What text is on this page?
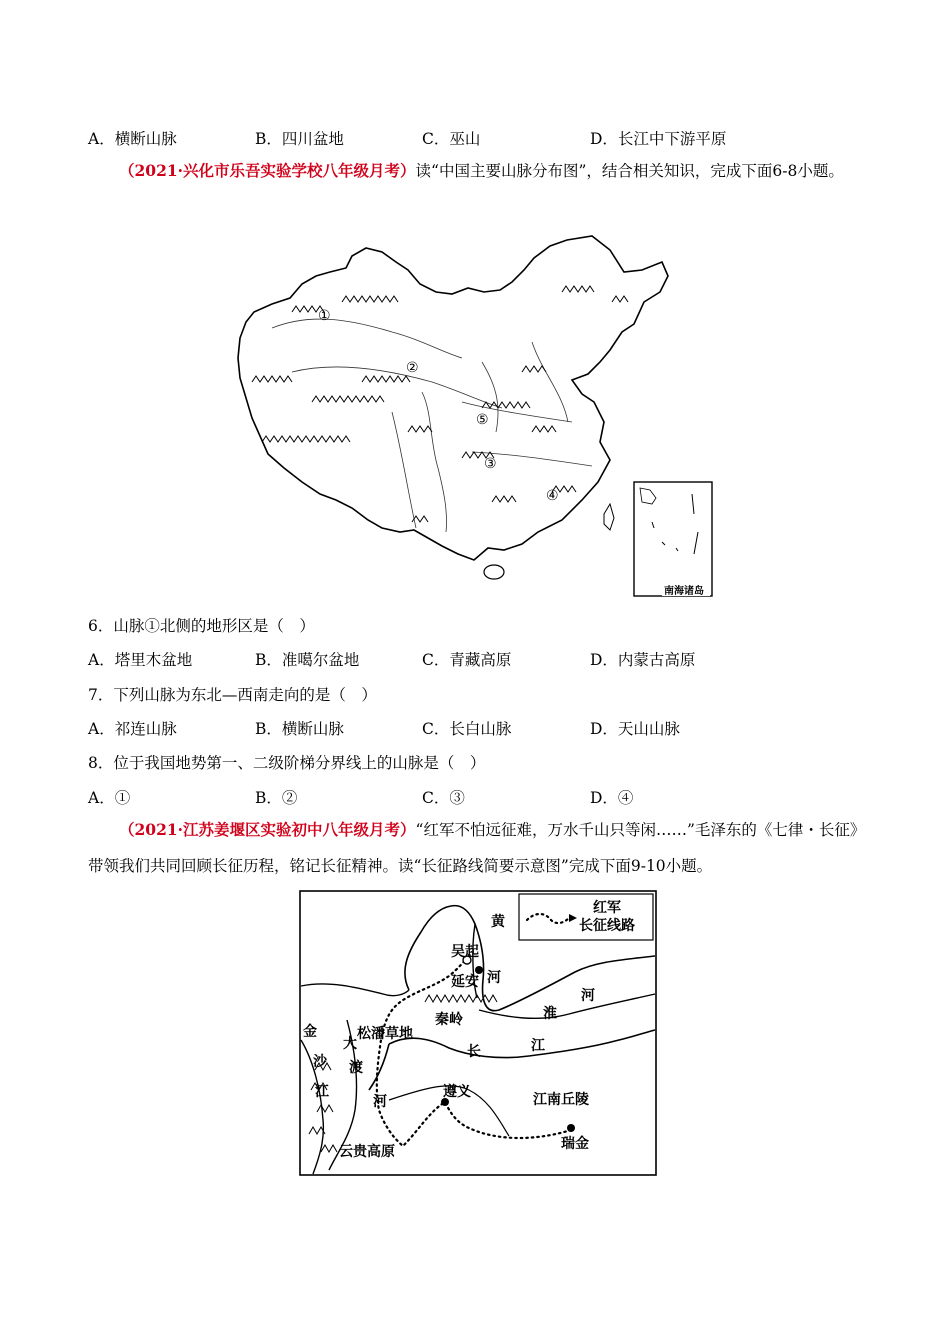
A．横断山脉	B．四川盆地	C．巫山	D．长江中下游平原
（2021·兴化市乐吾实验学校八年级月考）读“中国主要山脉分布图”，结合相关知识，完成下面6-8小题。
①
②
③
④
⑤
南海诸岛
6．山脉①北侧的地形区是（　）
A．塔里木盆地	B．准噶尔盆地	C．青藏高原	D．内蒙古高原
7．下列山脉为东北—西南走向的是（　）
A．祁连山脉	B．横断山脉	C．长白山脉	D．天山山脉
8．位于我国地势第一、二级阶梯分界线上的山脉是（　）
A．①	B．②	C．③	D．④
（2021·江苏姜堰区实验初中八年级月考）“红军不怕远征难，万水千山只等闲……”毛泽东的《七律・长征》带领我们共同回顾长征历程，铭记长征精神。读“长征路线简要示意图”完成下面9-10小题。
红军
长征线路
黄
河
吴起
延安
秦岭	淮
河
松潘草地
金
沙
江
大
渡
河
长	江
遵义	江南丘陵
瑞金
云贵高原
